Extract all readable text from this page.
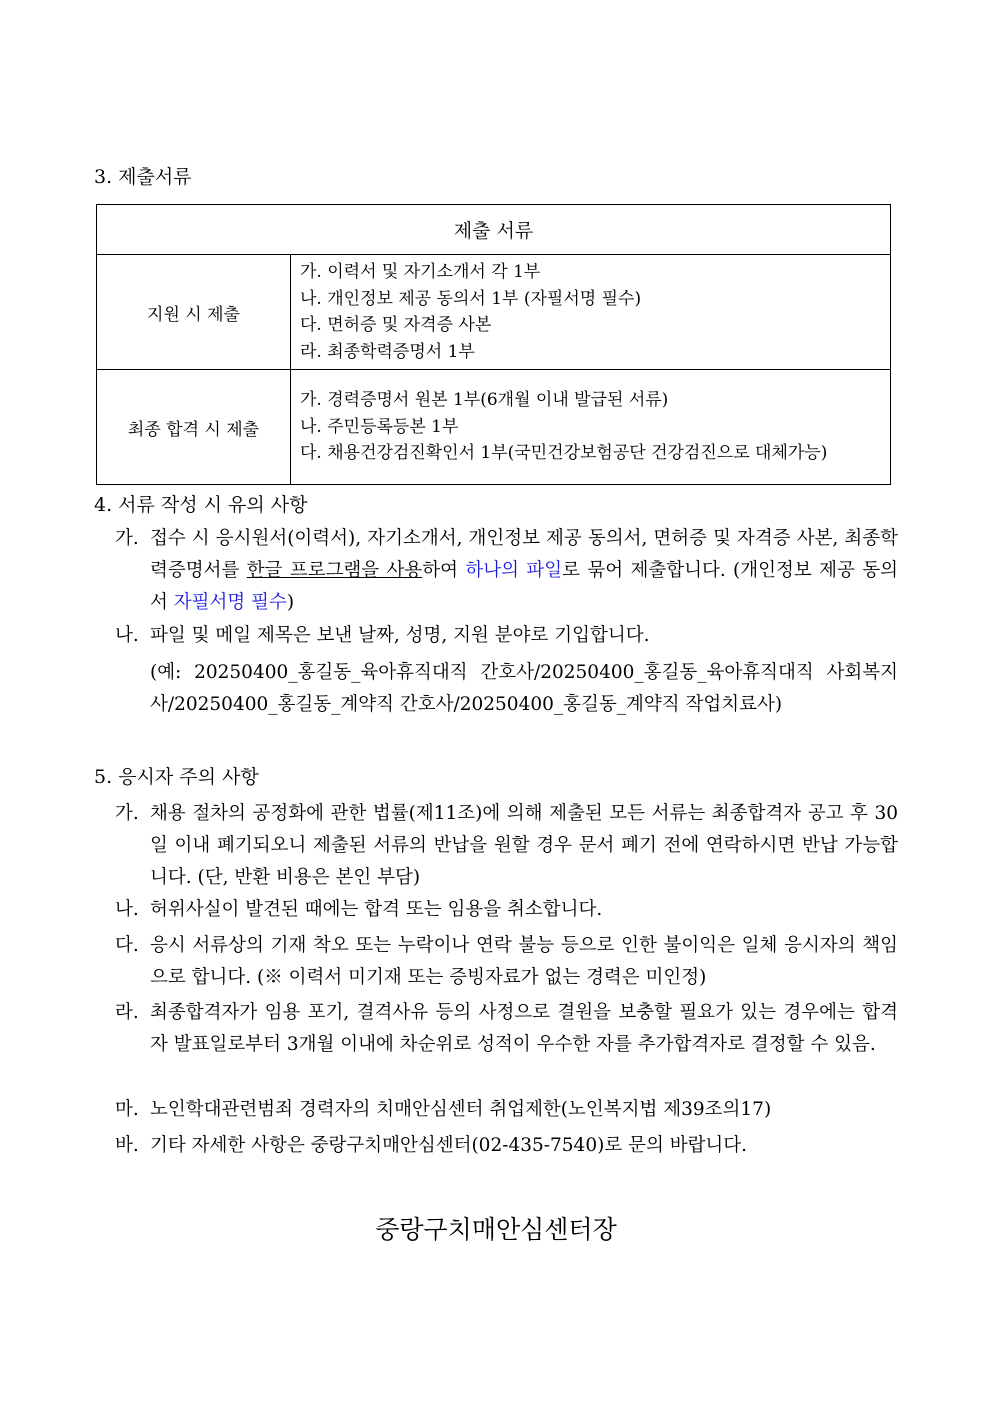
3. 제출서류
제출 서류	
지원 시 제출	가. 이력서 및 자기소개서 각 1부
나. 개인정보 제공 동의서 1부 (자필서명 필수)
다. 면허증 및 자격증 사본
라. 최종학력증명서 1부

최종 합격 시 제출	가. 경력증명서 원본 1부(6개월 이내 발급된 서류)
나. 주민등록등본 1부
다. 채용건강검진확인서 1부(국민건강보험공단 건강검진으로 대체가능)
4. 서류 작성 시 유의 사항
가. 접수 시 응시원서(이력서), 자기소개서, 개인정보 제공 동의서, 면허증 및 자격증 사본, 최종학력증명서를 한글 프로그램을 사용하여 하나의 파일로 묶어 제출합니다. (개인정보 제공 동의서 자필서명 필수)
나. 파일 및 메일 제목은 보낸 날짜, 성명, 지원 분야로 기입합니다.
(예: 20250400_홍길동_육아휴직대직 간호사/20250400_홍길동_육아휴직대직 사회복지사/20250400_홍길동_계약직 간호사/20250400_홍길동_계약직 작업치료사)
5. 응시자 주의 사항
가. 채용 절차의 공정화에 관한 법률(제11조)에 의해 제출된 모든 서류는 최종합격자 공고 후 30일 이내 폐기되오니 제출된 서류의 반납을 원할 경우 문서 폐기 전에 연락하시면 반납 가능합니다. (단, 반환 비용은 본인 부담)
나. 허위사실이 발견된 때에는 합격 또는 임용을 취소합니다.
다. 응시 서류상의 기재 착오 또는 누락이나 연락 불능 등으로 인한 불이익은 일체 응시자의 책임으로 합니다. (※ 이력서 미기재 또는 증빙자료가 없는 경력은 미인정)
라. 최종합격자가 임용 포기, 결격사유 등의 사정으로 결원을 보충할 필요가 있는 경우에는 합격자 발표일로부터 3개월 이내에 차순위로 성적이 우수한 자를 추가합격자로 결정할 수 있음.
마. 노인학대관련범죄 경력자의 치매안심센터 취업제한(노인복지법 제39조의17)
바. 기타 자세한 사항은 중랑구치매안심센터(02-435-7540)로 문의 바랍니다.
중랑구치매안심센터장
